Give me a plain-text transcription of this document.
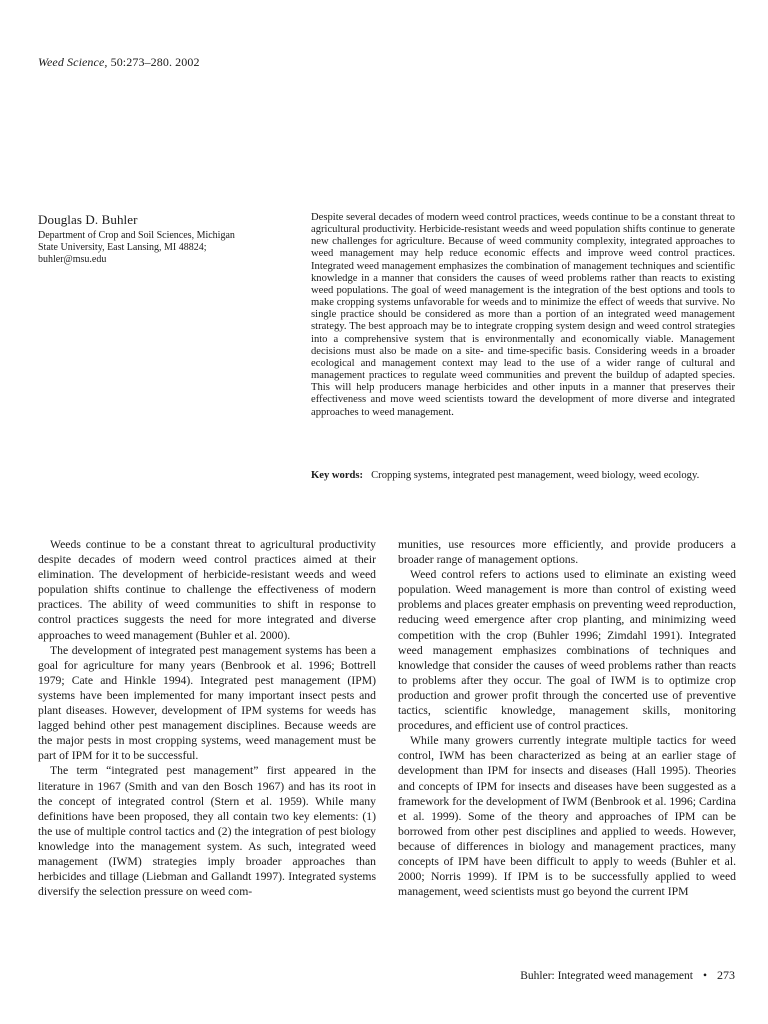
Weed Science, 50:273–280. 2002
Douglas D. Buhler
Department of Crop and Soil Sciences, Michigan
State University, East Lansing, MI 48824;
buhler@msu.edu

Despite several decades of modern weed control practices, weeds continue to be a constant threat to agricultural productivity. Herbicide-resistant weeds and weed population shifts continue to generate new challenges for agriculture. Because of weed community complexity, integrated approaches to weed management may help reduce economic effects and improve weed control practices. Integrated weed management emphasizes the combination of management techniques and scientific knowledge in a manner that considers the causes of weed problems rather than reacts to existing weed populations. The goal of weed management is the integration of the best options and tools to make cropping systems unfavorable for weeds and to minimize the effect of weeds that survive. No single practice should be considered as more than a portion of an integrated weed management strategy. The best approach may be to integrate cropping system design and weed control strategies into a comprehensive system that is environmentally and economically viable. Management decisions must also be made on a site- and time-specific basis. Considering weeds in a broader ecological and management context may lead to the use of a wider range of cultural and management practices to regulate weed communities and prevent the buildup of adapted species. This will help producers manage herbicides and other inputs in a manner that preserves their effectiveness and move weed scientists toward the development of more diverse and integrated approaches to weed management.

Key words: Cropping systems, integrated pest management, weed biology, weed ecology.

Weeds continue to be a constant threat to agricultural productivity despite decades of modern weed control practices aimed at their elimination. The development of herbicide-resistant weeds and weed population shifts continue to challenge the effectiveness of modern practices. The ability of weed communities to shift in response to control practices suggests the need for more integrated and diverse approaches to weed management (Buhler et al. 2000).

The development of integrated pest management systems has been a goal for agriculture for many years (Benbrook et al. 1996; Bottrell 1979; Cate and Hinkle 1994). Integrated pest management (IPM) systems have been implemented for many important insect pests and plant diseases. However, development of IPM systems for weeds has lagged behind other pest management disciplines. Because weeds are the major pests in most cropping systems, weed management must be part of IPM for it to be successful.

The term “integrated pest management” first appeared in the literature in 1967 (Smith and van den Bosch 1967) and has its root in the concept of integrated control (Stern et al. 1959). While many definitions have been proposed, they all contain two key elements: (1) the use of multiple control tactics and (2) the integration of pest biology knowledge into the management system. As such, integrated weed management (IWM) strategies imply broader approaches than herbicides and tillage (Liebman and Gallandt 1997). Integrated systems diversify the selection pressure on weed com-

munities, use resources more efficiently, and provide producers a broader range of management options.

Weed control refers to actions used to eliminate an existing weed population. Weed management is more than control of existing weed problems and places greater emphasis on preventing weed reproduction, reducing weed emergence after crop planting, and minimizing weed competition with the crop (Buhler 1996; Zimdahl 1991). Integrated weed management emphasizes combinations of techniques and knowledge that consider the causes of weed problems rather than reacts to problems after they occur. The goal of IWM is to optimize crop production and grower profit through the concerted use of preventive tactics, scientific knowledge, management skills, monitoring procedures, and efficient use of control practices.

While many growers currently integrate multiple tactics for weed control, IWM has been characterized as being at an earlier stage of development than IPM for insects and diseases (Hall 1995). Theories and concepts of IPM for insects and diseases have been suggested as a framework for the development of IWM (Benbrook et al. 1996; Cardina et al. 1999). Some of the theory and approaches of IPM can be borrowed from other pest disciplines and applied to weeds. However, because of differences in biology and management practices, many concepts of IPM have been difficult to apply to weeds (Buhler et al. 2000; Norris 1999). If IPM is to be successfully applied to weed management, weed scientists must go beyond the current IPM

Buhler: Integrated weed management • 273
